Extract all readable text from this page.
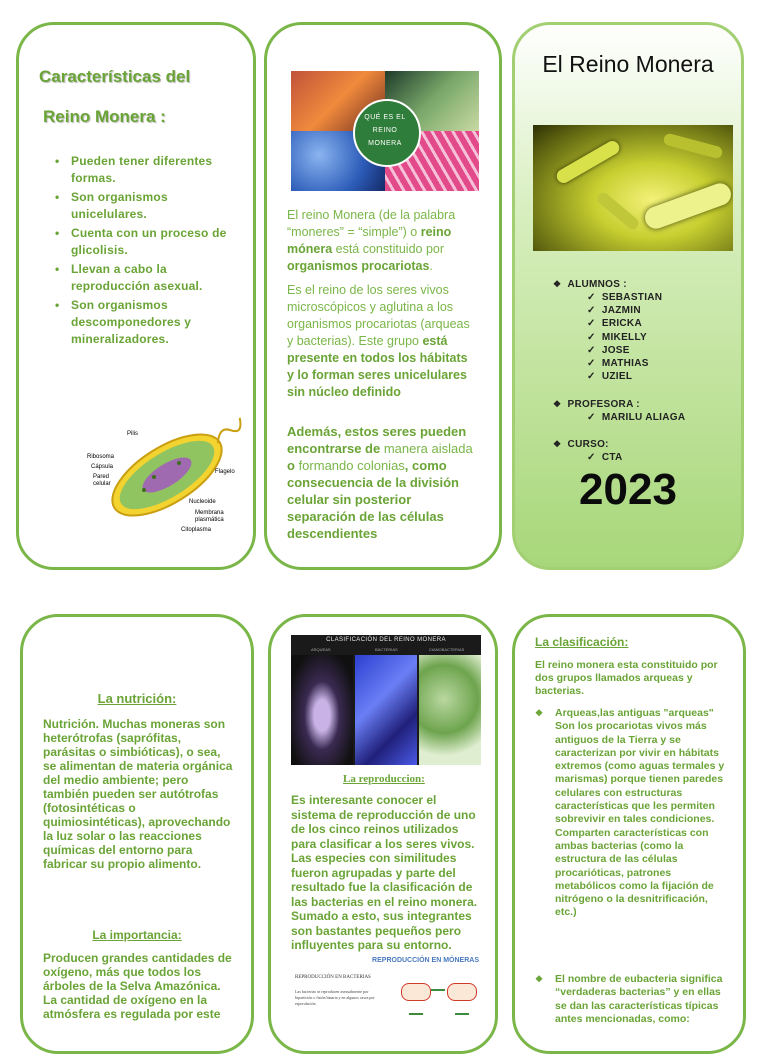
Características del
Reino Monera :
• Pueden tener diferentes formas.
• Son organismos unicelulares.
• Cuenta con un proceso de glicolisis.
• Llevan a cabo la reproducción asexual.
• Son organismos descomponedores y mineralizadores.
Pilis
Ribosoma
Cápsula
Pared
celular
Flagelo
Nucleoide
Membrana
plasmática
Citoplasma
QUÉ ES EL REINO MONERA
El reino Monera (de la palabra “moneres” = “simple”) o reino mónera está constituido por organismos procariotas.
Es el reino de los seres vivos microscópicos y aglutina a los organismos procariotas (arqueas y bacterias). Este grupo está presente en todos los hábitats y lo forman seres unicelulares sin núcleo definido
Además, estos seres pueden encontrarse de manera aislada o formando colonias, como consecuencia de la división celular sin posterior separación de las células descendientes
El Reino Monera
❖ ALUMNOS :
✓  SEBASTIAN
✓  JAZMIN
✓  ERICKA
✓  MIKELLY
✓  JOSE
✓  MATHIAS
✓  UZIEL
❖ PROFESORA :
✓  MARILU ALIAGA
❖ CURSO:
✓  CTA
2023
La nutrición:
Nutrición. Muchas moneras son heterótrofas (saprófitas, parásitas o simbióticas), o sea, se alimentan de materia orgánica del medio ambiente; pero también pueden ser autótrofas (fotosintéticas o quimiosintéticas), aprovechando la luz solar o las reacciones químicas del entorno para fabricar su propio alimento.
La importancia:
Producen grandes cantidades de oxígeno, más que todos los árboles de la Selva Amazónica. La cantidad de oxígeno en la atmósfera es regulada por este
CLASIFICACIÓN DEL REINO MONERA
ARQUEAS	BACTERIAS	CIANOBACTERIAS
La reproduccion:
Es interesante conocer el sistema de reproducción de uno de los cinco reinos utilizados para clasificar a los seres vivos. Las especies con similitudes fueron agrupadas y parte del resultado fue la clasificación de las bacterias en el reino monera. Sumado a esto, sus integrantes son bastantes pequeños pero influyentes para su entorno.
REPRODUCCIÓN EN MÓNERAS
REPRODUCCIÓN EN BACTERIAS
Las bacterias se reproducen asexualmente por bipartición o fisión binaria y en algunos casos por esporulación.
La clasificación:
El reino monera esta constituido por dos grupos llamados arqueas y bacterias.
❖ Arqueas,las antiguas "arqueas" Son los procariotas vivos más antiguos de la Tierra y se caracterizan por vivir en hábitats extremos (como aguas termales y marismas) porque tienen paredes celulares con estructuras características que les permiten sobrevivir en tales condiciones. Comparten características con ambas bacterias (como la estructura de las células procarióticas, patrones metabólicos como la fijación de nitrógeno o la desnitrificación, etc.)
❖ El nombre de eubacteria significa “verdaderas bacterias” y en ellas se dan las características típicas antes mencionadas, como:
